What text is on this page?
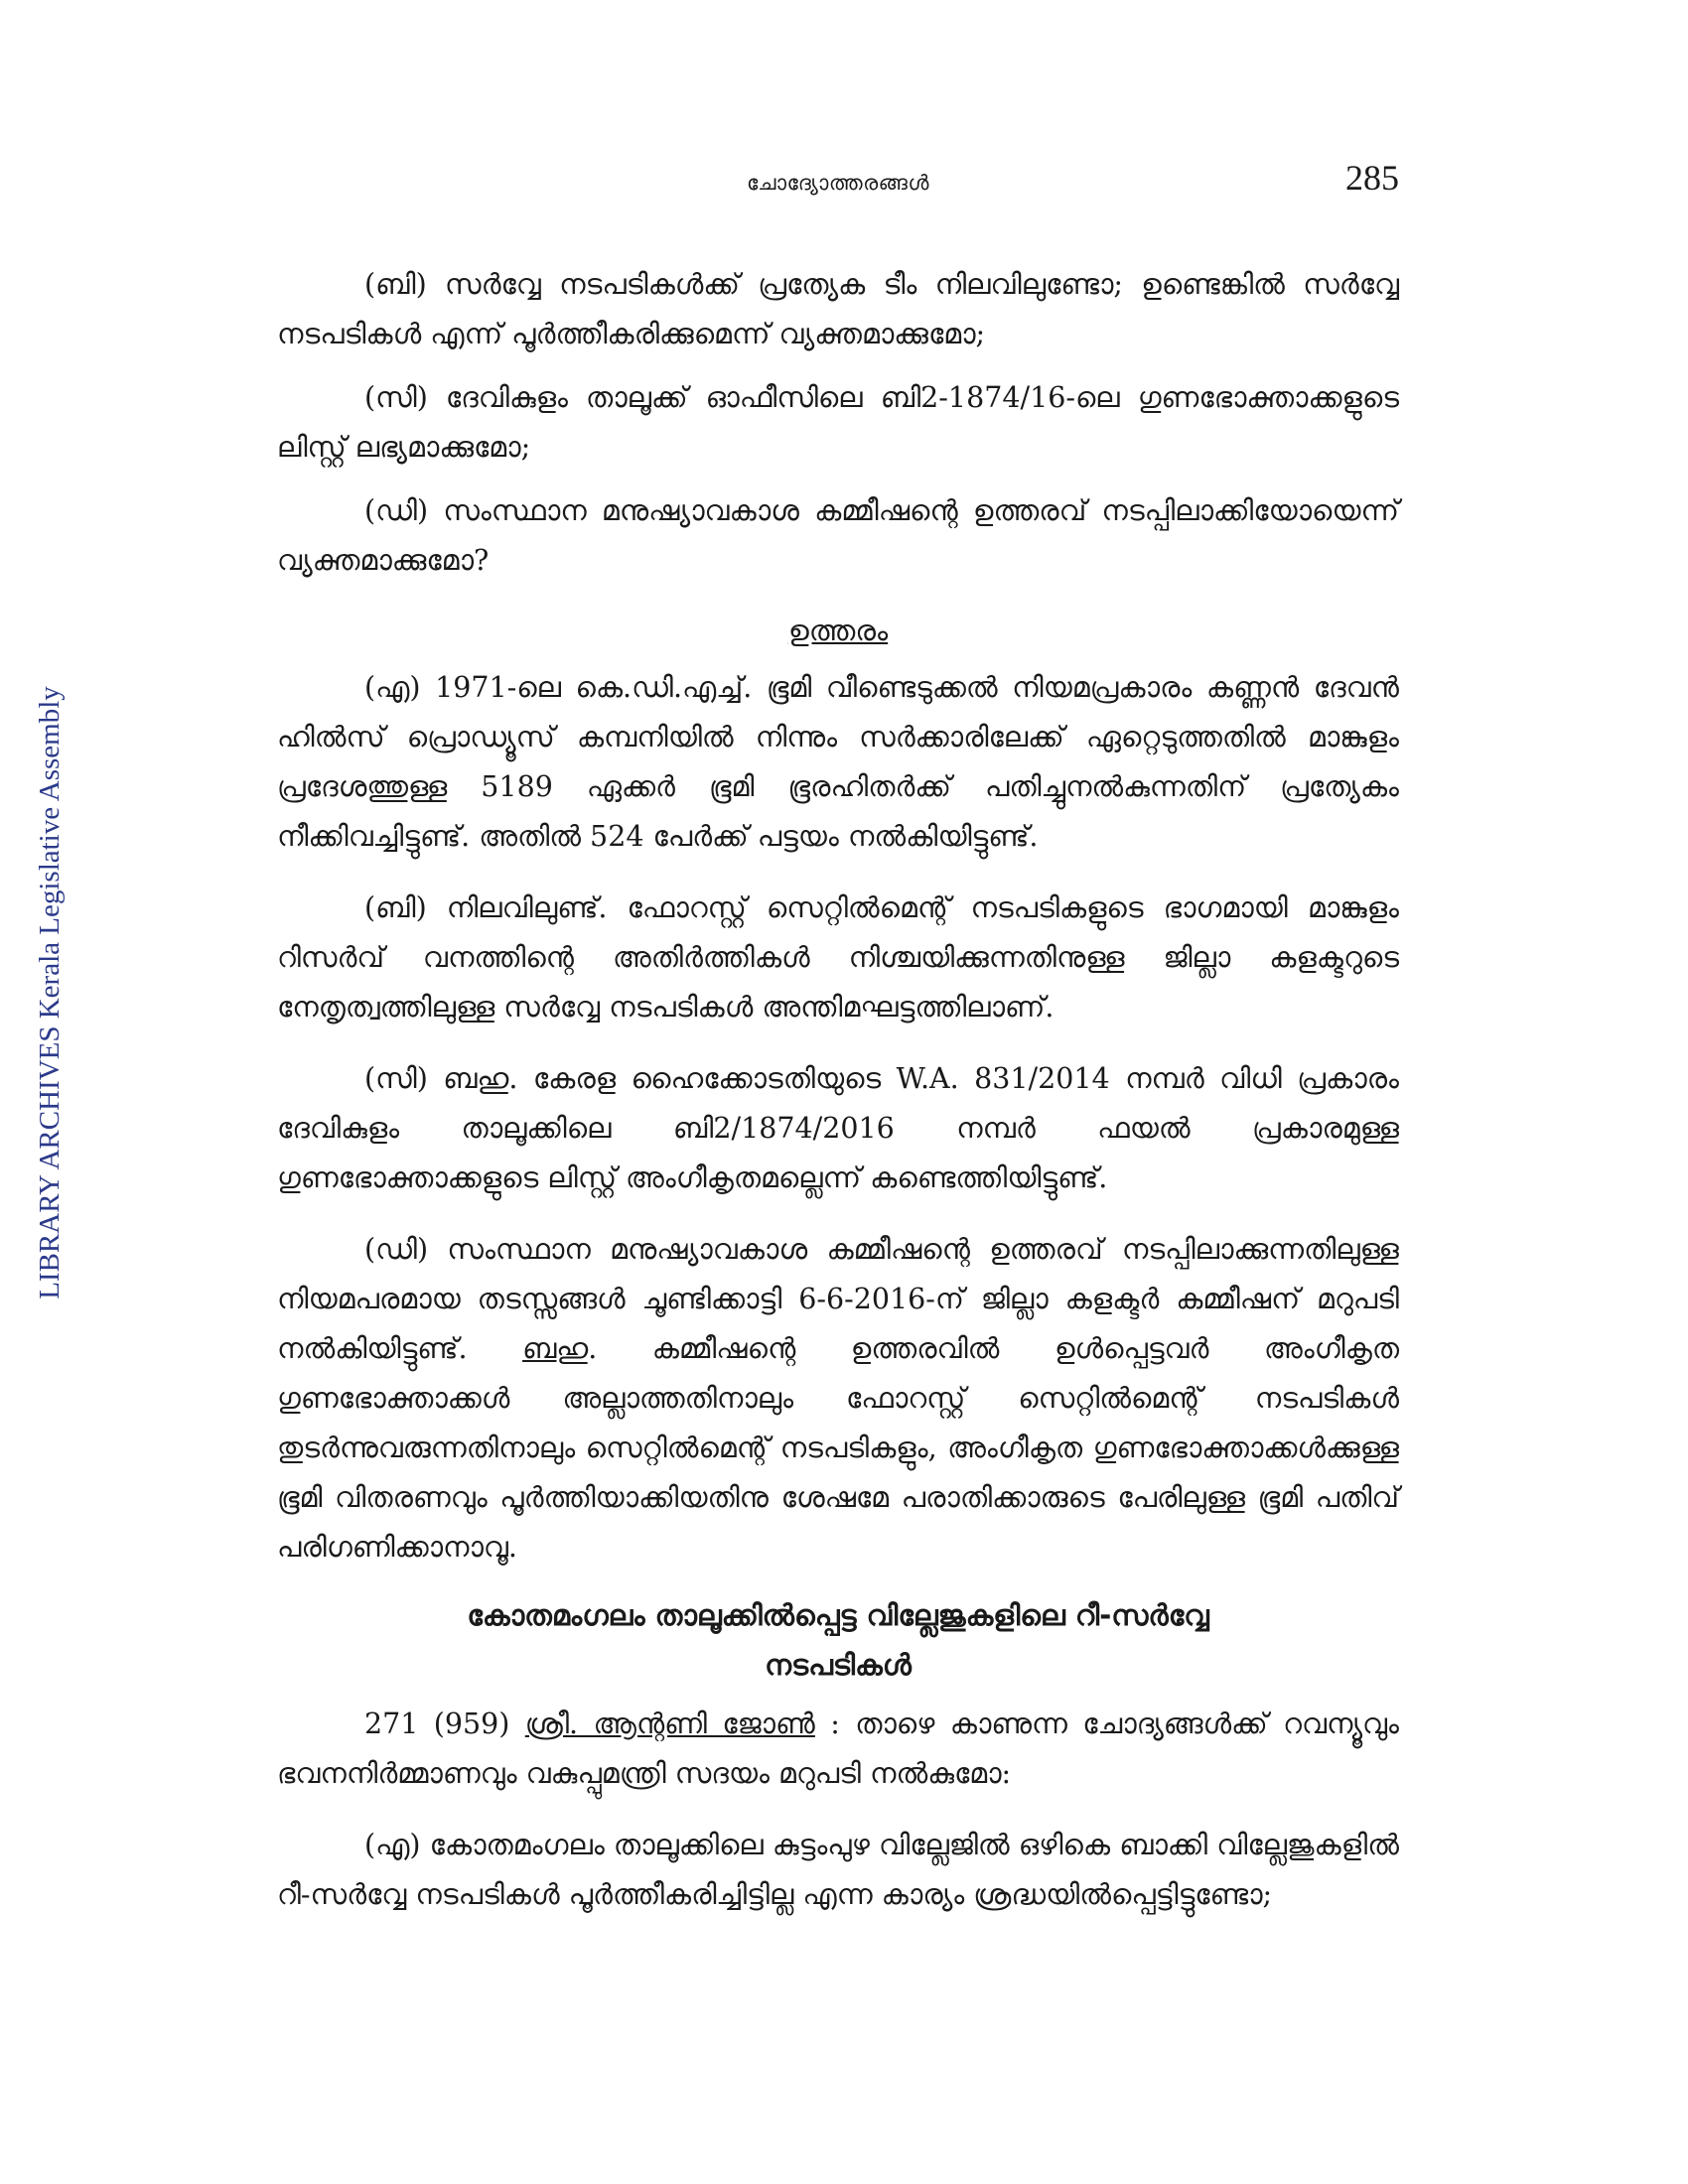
ചോദ്യോത്തരങ്ങൾ	285
LIBRARY ARCHIVES Kerala Legislative Assembly

(ബി) സർവ്വേ നടപടികൾക്ക് പ്രത്യേക ടീം നിലവിലുണ്ടോ; ഉണ്ടെങ്കിൽ സർവ്വേ നടപടികൾ എന്ന് പൂർത്തീകരിക്കുമെന്ന് വ്യക്തമാക്കുമോ;

(സി) ദേവികുളം താലൂക്ക് ഓഫീസിലെ ബി2-1874/16-ലെ ഗുണഭോക്താക്കളുടെ ലിസ്റ്റ് ലഭ്യമാക്കുമോ;

(ഡി) സംസ്ഥാന മനുഷ്യാവകാശ കമ്മീഷന്റെ ഉത്തരവ് നടപ്പിലാക്കിയോയെന്ന് വ്യക്തമാക്കുമോ?

ഉത്തരം

(എ) 1971-ലെ കെ.ഡി.എച്ച്. ഭൂമി വീണ്ടെടുക്കൽ നിയമപ്രകാരം കണ്ണൻ ദേവൻ ഹിൽസ് പ്രൊഡ്യൂസ് കമ്പനിയിൽ നിന്നും സർക്കാരിലേക്ക് ഏറ്റെടുത്തതിൽ മാങ്കുളം പ്രദേശത്തുള്ള 5189 ഏക്കർ ഭൂമി ഭൂരഹിതർക്ക് പതിച്ചുനൽകുന്നതിന് പ്രത്യേകം നീക്കിവച്ചിട്ടുണ്ട്. അതിൽ 524 പേർക്ക് പട്ടയം നൽകിയിട്ടുണ്ട്.

(ബി) നിലവിലുണ്ട്. ഫോറസ്റ്റ് സെറ്റിൽമെന്റ് നടപടികളുടെ ഭാഗമായി മാങ്കുളം റിസർവ് വനത്തിന്റെ അതിർത്തികൾ നിശ്ചയിക്കുന്നതിനുള്ള ജില്ലാ കളക്ടറുടെ നേതൃത്വത്തിലുള്ള സർവ്വേ നടപടികൾ അന്തിമഘട്ടത്തിലാണ്.

(സി) ബഹു. കേരള ഹൈക്കോടതിയുടെ W.A. 831/2014 നമ്പർ വിധി പ്രകാരം ദേവികുളം താലൂക്കിലെ ബി2/1874/2016 നമ്പർ ഫയൽ പ്രകാരമുള്ള ഗുണഭോക്താക്കളുടെ ലിസ്റ്റ് അംഗീകൃതമല്ലെന്ന് കണ്ടെത്തിയിട്ടുണ്ട്.

(ഡി) സംസ്ഥാന മനുഷ്യാവകാശ കമ്മീഷന്റെ ഉത്തരവ് നടപ്പിലാക്കുന്നതിലുള്ള നിയമപരമായ തടസ്സങ്ങൾ ചൂണ്ടിക്കാട്ടി 6-6-2016-ന് ജില്ലാ കളക്ടർ കമ്മീഷന് മറുപടി നൽകിയിട്ടുണ്ട്. ബഹു. കമ്മീഷന്റെ ഉത്തരവിൽ ഉൾപ്പെട്ടവർ അംഗീകൃത ഗുണഭോക്താക്കൾ അല്ലാത്തതിനാലും ഫോറസ്റ്റ് സെറ്റിൽമെന്റ് നടപടികൾ തുടർന്നുവരുന്നതിനാലും സെറ്റിൽമെന്റ് നടപടികളും, അംഗീകൃത ഗുണഭോക്താക്കൾക്കുള്ള ഭൂമി വിതരണവും പൂർത്തിയാക്കിയതിനു ശേഷമേ പരാതിക്കാരുടെ പേരിലുള്ള ഭൂമി പതിവ് പരിഗണിക്കാനാവൂ.

കോതമംഗലം താലൂക്കിൽപ്പെട്ട വില്ലേജുകളിലെ റീ-സർവ്വേ
നടപടികൾ

271 (959) ശ്രീ. ആന്റണി ജോൺ : താഴെ കാണുന്ന ചോദ്യങ്ങൾക്ക് റവന്യൂവും ഭവനനിർമ്മാണവും വകുപ്പുമന്ത്രി സദയം മറുപടി നൽകുമോ:

(എ) കോതമംഗലം താലൂക്കിലെ കുട്ടംപുഴ വില്ലേജിൽ ഒഴികെ ബാക്കി വില്ലേജുകളിൽ റീ-സർവ്വേ നടപടികൾ പൂർത്തീകരിച്ചിട്ടില്ല എന്ന കാര്യം ശ്രദ്ധയിൽപ്പെട്ടിട്ടുണ്ടോ;
